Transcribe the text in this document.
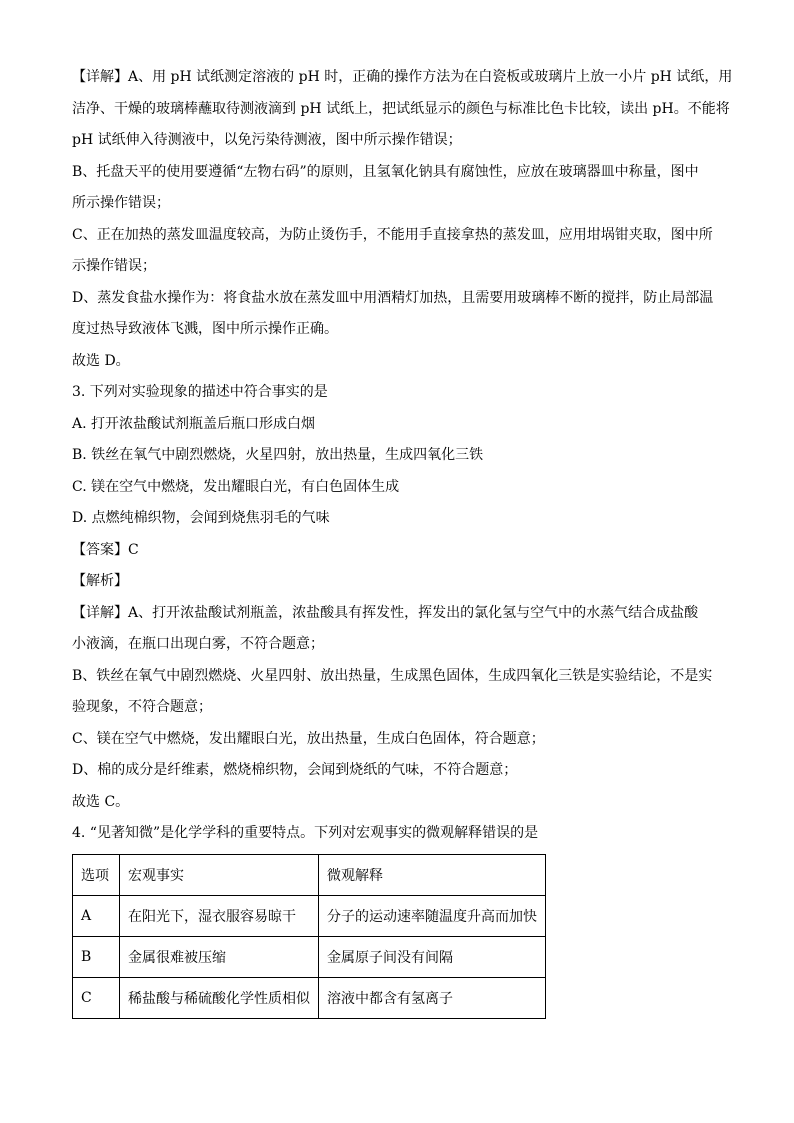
【详解】A、用 pH 试纸测定溶液的 pH 时，正确的操作方法为在白瓷板或玻璃片上放一小片 pH 试纸，用

洁净、干燥的玻璃棒蘸取待测液滴到 pH 试纸上，把试纸显示的颜色与标准比色卡比较，读出 pH。不能将

pH 试纸伸入待测液中，以免污染待测液，图中所示操作错误；

B、托盘天平的使用要遵循“左物右码”的原则，且氢氧化钠具有腐蚀性，应放在玻璃器皿中称量，图中

所示操作错误；

C、正在加热的蒸发皿温度较高，为防止烫伤手，不能用手直接拿热的蒸发皿，应用坩埚钳夹取，图中所

示操作错误；

D、蒸发食盐水操作为：将食盐水放在蒸发皿中用酒精灯加热，且需要用玻璃棒不断的搅拌，防止局部温

度过热导致液体飞溅，图中所示操作正确。

故选 D。

3. 下列对实验现象的描述中符合事实的是

A. 打开浓盐酸试剂瓶盖后瓶口形成白烟

B. 铁丝在氧气中剧烈燃烧，火星四射，放出热量，生成四氧化三铁

C. 镁在空气中燃烧，发出耀眼白光，有白色固体生成

D. 点燃纯棉织物，会闻到烧焦羽毛的气味

【答案】C

【解析】

【详解】A、打开浓盐酸试剂瓶盖，浓盐酸具有挥发性，挥发出的氯化氢与空气中的水蒸气结合成盐酸

小液滴，在瓶口出现白雾，不符合题意；

B、铁丝在氧气中剧烈燃烧、火星四射、放出热量，生成黑色固体，生成四氧化三铁是实验结论，不是实

验现象，不符合题意；

C、镁在空气中燃烧，发出耀眼白光，放出热量，生成白色固体，符合题意；

D、棉的成分是纤维素，燃烧棉织物，会闻到烧纸的气味，不符合题意；

故选 C。

4. “见著知微”是化学学科的重要特点。下列对宏观事实的微观解释错误的是

选项	宏观事实	微观解释
A	在阳光下，湿衣服容易晾干	分子的运动速率随温度升高而加快
B	金属很难被压缩	金属原子间没有间隔
C	稀盐酸与稀硫酸化学性质相似	溶液中都含有氢离子
